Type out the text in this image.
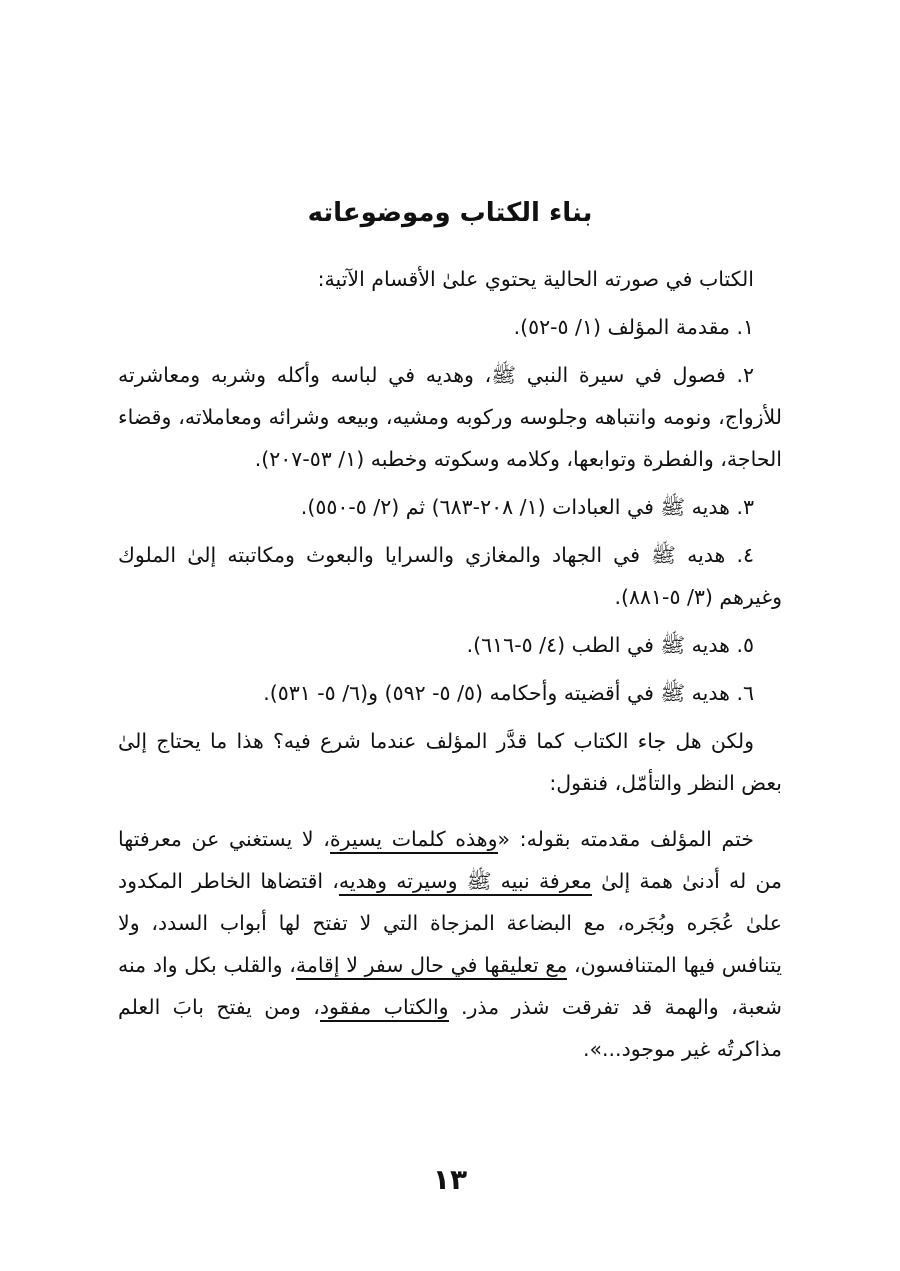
بناء الكتاب وموضوعاته

الكتاب في صورته الحالية يحتوي علىٰ الأقسام الآتية:

١. مقدمة المؤلف (١/ ٥-٥٢).

٢. فصول في سيرة النبي ﷺ، وهديه في لباسه وأكله وشربه ومعاشرته للأزواج، ونومه وانتباهه وجلوسه وركوبه ومشيه، وبيعه وشرائه ومعاملاته، وقضاء الحاجة، والفطرة وتوابعها، وكلامه وسكوته وخطبه (١/ ٥٣-٢٠٧).

٣. هديه ﷺ في العبادات (١/ ٢٠٨-٦٨٣) ثم (٢/ ٥-٥٥٠).

٤. هديه ﷺ في الجهاد والمغازي والسرايا والبعوث ومكاتبته إلىٰ الملوك وغيرهم (٣/ ٥-٨٨١).

٥. هديه ﷺ في الطب (٤/ ٥-٦١٦).

٦. هديه ﷺ في أقضيته وأحكامه (٥/ ٥- ٥٩٢) و(٦/ ٥- ٥٣١).

ولكن هل جاء الكتاب كما قدَّر المؤلف عندما شرع فيه؟ هذا ما يحتاج إلىٰ بعض النظر والتأمّل، فنقول:

ختم المؤلف مقدمته بقوله: «وهذه كلمات يسيرة، لا يستغني عن معرفتها من له أدنىٰ همة إلىٰ معرفة نبيه ﷺ وسيرته وهديه، اقتضاها الخاطر المكدود علىٰ عُجَره وبُجَره، مع البضاعة المزجاة التي لا تفتح لها أبواب السدد، ولا يتنافس فيها المتنافسون، مع تعليقها في حال سفر لا إقامة، والقلب بكل واد منه شعبة، والهمة قد تفرقت شذر مذر. والكتاب مفقود، ومن يفتح بابَ العلم مذاكرتُه غير موجود...».

١٣
